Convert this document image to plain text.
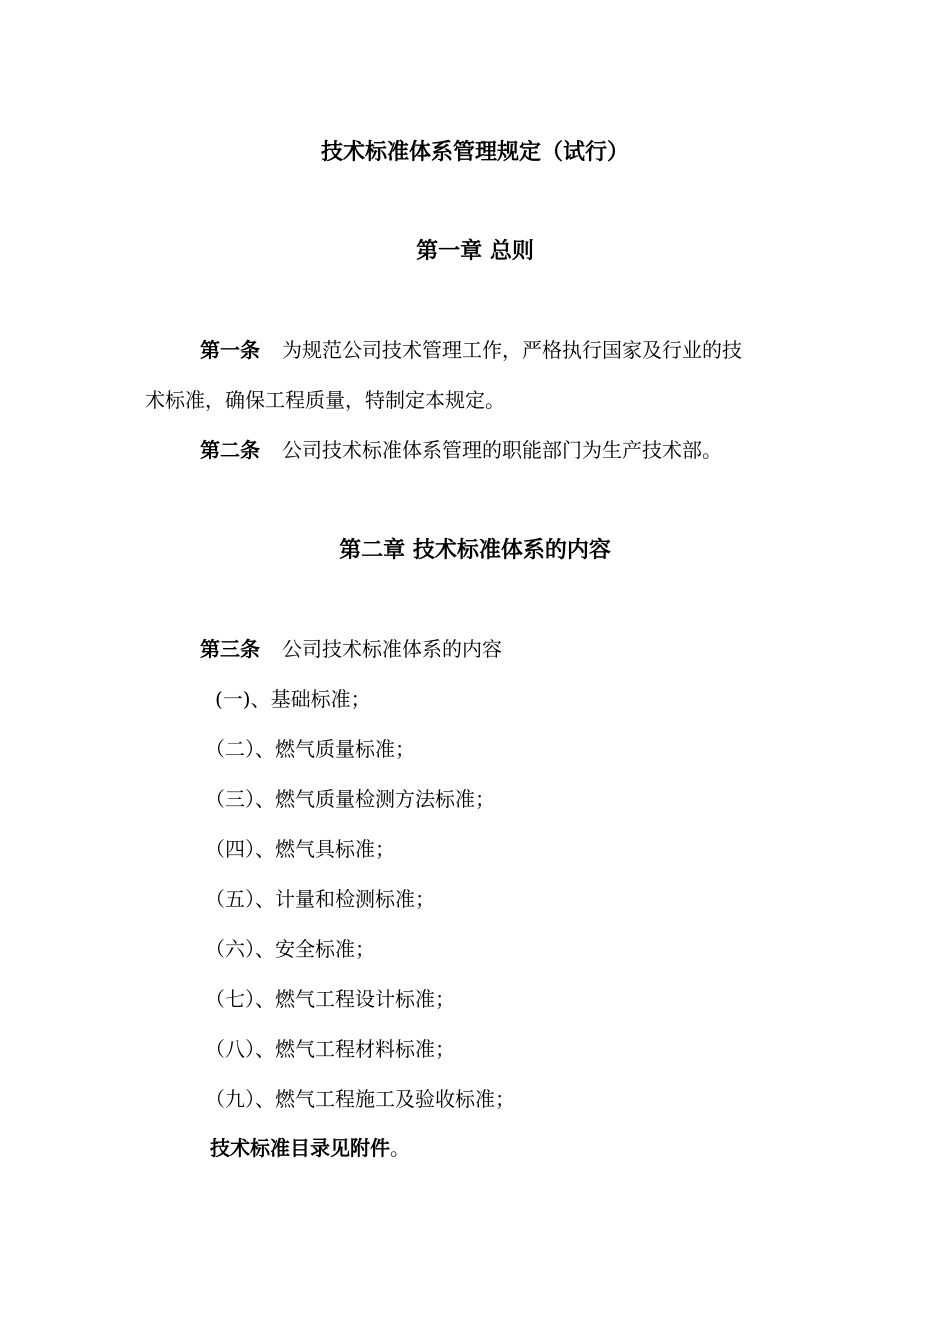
技术标准体系管理规定（试行）
第一章 总则
第一条 为规范公司技术管理工作，严格执行国家及行业的技
术标准，确保工程质量，特制定本规定。
第二条 公司技术标准体系管理的职能部门为生产技术部。
第二章 技术标准体系的内容
第三条 公司技术标准体系的内容
(一)、基础标准；
（二）、燃气质量标准；
（三）、燃气质量检测方法标准；
（四）、燃气具标准；
（五）、计量和检测标准；
（六）、安全标准；
（七）、燃气工程设计标准；
（八）、燃气工程材料标准；
（九）、燃气工程施工及验收标准；
技术标准目录见附件。
